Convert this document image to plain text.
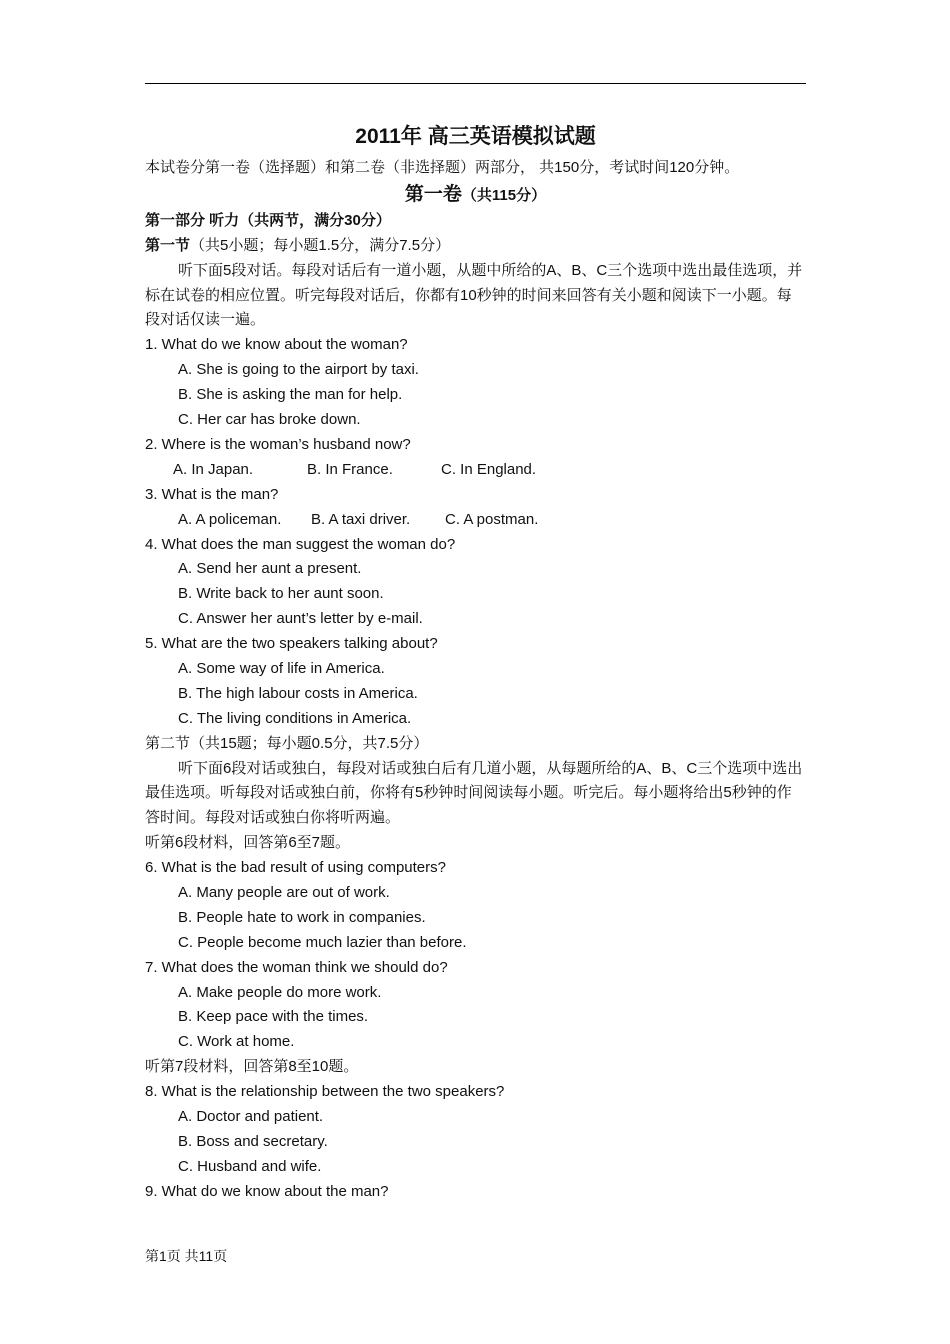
2011年 高三英语模拟试题
本试卷分第一卷（选择题）和第二卷（非选择题）两部分， 共150分，考试时间120分钟。
第一卷（共115分）
第一部分 听力（共两节，满分30分）
第一节（共5小题；每小题1.5分，满分7.5分）
听下面5段对话。每段对话后有一道小题，从题中所给的A、B、C三个选项中选出最佳选项，并标在试卷的相应位置。听完每段对话后，你都有10秒钟的时间来回答有关小题和阅读下一小题。每段对话仅读一遍。
1. What do we know about the woman?
A. She is going to the airport by taxi.
B. She is asking the man for help.
C. Her car has broke down.
2. Where is the woman’s husband now?
A. In Japan.	B. In France.	C. In England.
3. What is the man?
A. A policeman.	B. A taxi driver.	C. A postman.
4. What does the man suggest the woman do?
A. Send her aunt a present.
B. Write back to her aunt soon.
C. Answer her aunt’s letter by e-mail.
5. What are the two speakers talking about?
A. Some way of life in America.
B. The high labour costs in America.
C. The living conditions in America.
第二节（共15题；每小题0.5分，共7.5分）
听下面6段对话或独白，每段对话或独白后有几道小题，从每题所给的A、B、C三个选项中选出最佳选项。听每段对话或独白前，你将有5秒钟时间阅读每小题。听完后。每小题将给出5秒钟的作答时间。每段对话或独白你将听两遍。
听第6段材料，回答第6至7题。
6. What is the bad result of using computers?
A. Many people are out of work.
B. People hate to work in companies.
C. People become much lazier than before.
7. What does the woman think we should do?
A. Make people do more work.
B. Keep pace with the times.
C. Work at home.
听第7段材料，回答第8至10题。
8. What is the relationship between the two speakers?
A. Doctor and patient.
B. Boss and secretary.
C. Husband and wife.
9. What do we know about the man?
第1页 共11页
